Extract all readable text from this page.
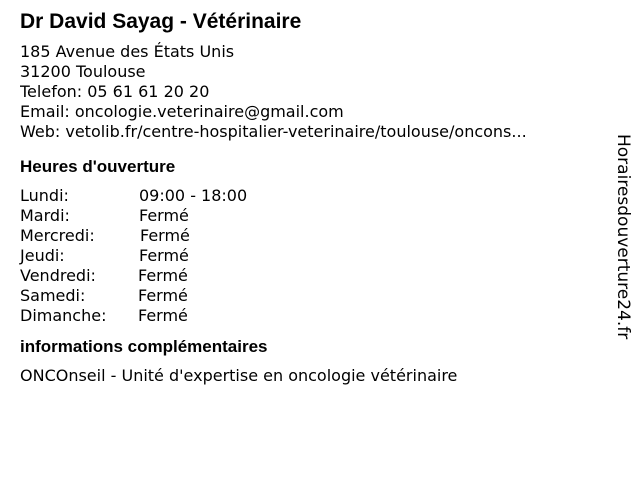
Dr David Sayag - Vétérinaire
185 Avenue des États Unis
31200 Toulouse
Telefon: 05 61 61 20 20
Email: oncologie.veterinaire@gmail.com
Web: vetolib.fr/centre-hospitalier-veterinaire/toulouse/oncons...
Heures d'ouverture
Lundi:	09:00 - 18:00
Mardi:	Fermé
Mercredi:	Fermé
Jeudi:	Fermé
Vendredi:	Fermé
Samedi:	Fermé
Dimanche: Fermé
informations complémentaires
ONCOnseil - Unité d'expertise en oncologie vétérinaire
Horairesdouverture24.fr
